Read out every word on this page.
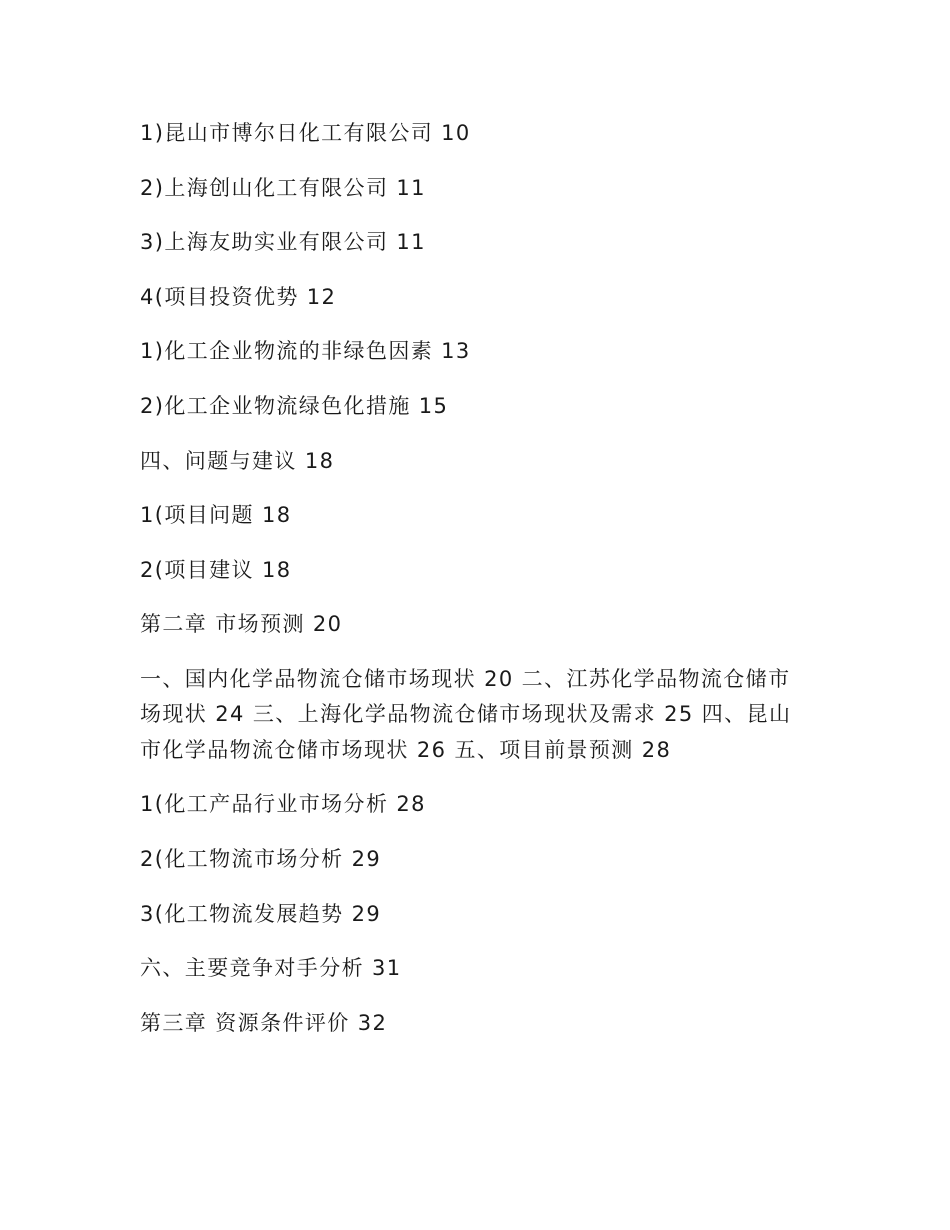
1)昆山市博尔日化工有限公司 10
2)上海创山化工有限公司 11
3)上海友助实业有限公司 11
4(项目投资优势 12
1)化工企业物流的非绿色因素 13
2)化工企业物流绿色化措施 15
四、问题与建议 18
1(项目问题 18
2(项目建议 18
第二章 市场预测 20
一、国内化学品物流仓储市场现状 20 二、江苏化学品物流仓储市场现状 24 三、上海化学品物流仓储市场现状及需求 25 四、昆山市化学品物流仓储市场现状 26 五、项目前景预测 28
1(化工产品行业市场分析 28
2(化工物流市场分析 29
3(化工物流发展趋势 29
六、主要竞争对手分析 31
第三章 资源条件评价 32
